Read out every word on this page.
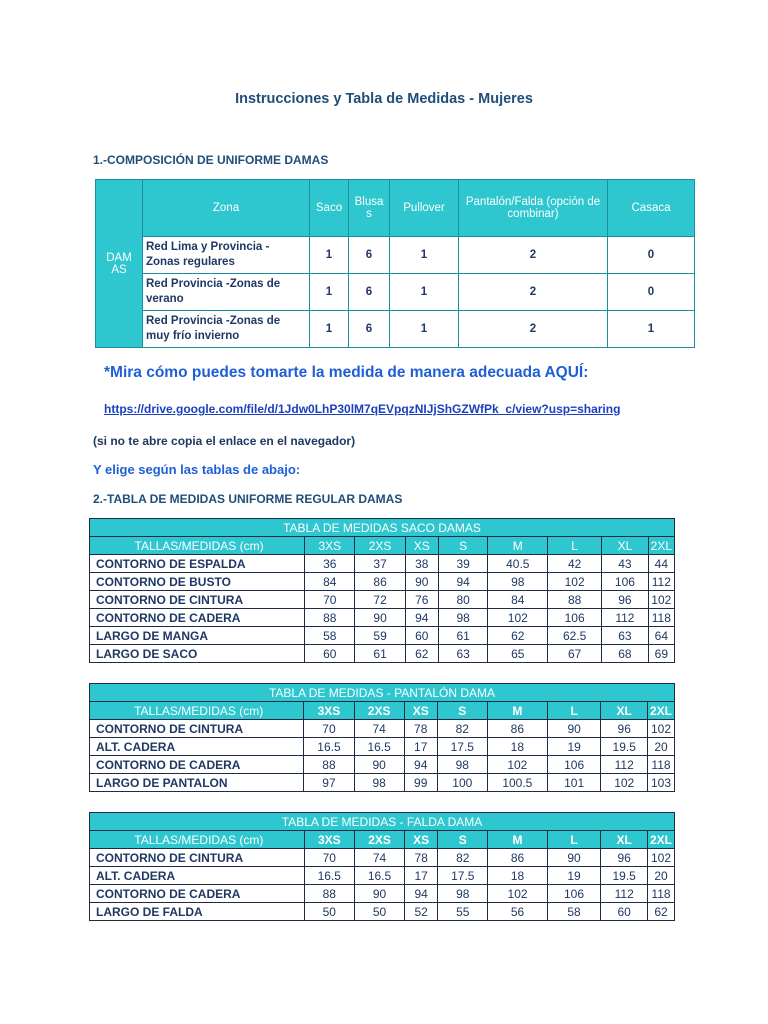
Instrucciones y Tabla de Medidas - Mujeres
1.-COMPOSICIÓN DE UNIFORME DAMAS
DAM AS	Zona	Saco	Blusa s	Pullover	Pantalón/Falda (opción de combinar)	Casaca
	Red Lima y Provincia - Zonas regulares	1	6	1	2	0
	Red Provincia -Zonas de verano	1	6	1	2	0
	Red Provincia -Zonas de muy frío invierno	1	6	1	2	1
*Mira cómo puedes tomarte la medida de manera adecuada AQUÍ:
https://drive.google.com/file/d/1Jdw0LhP30lM7qEVpqzNIJjShGZWfPk_c/view?usp=sharing
(si no te abre copia el enlace en el navegador)
Y elige según las tablas de abajo:
2.-TABLA DE MEDIDAS UNIFORME REGULAR DAMAS
TABLA DE MEDIDAS SACO DAMAS								
TALLAS/MEDIDAS (cm)	3XS	2XS	XS	S	M	L	XL	2XL
CONTORNO DE ESPALDA	36	37	38	39	40.5	42	43	44
CONTORNO DE BUSTO	84	86	90	94	98	102	106	112
CONTORNO DE CINTURA	70	72	76	80	84	88	96	102
CONTORNO DE CADERA	88	90	94	98	102	106	112	118
LARGO DE MANGA	58	59	60	61	62	62.5	63	64
LARGO DE SACO	60	61	62	63	65	67	68	69
TABLA DE MEDIDAS - PANTALÓN DAMA								
TALLAS/MEDIDAS (cm)	3XS	2XS	XS	S	M	L	XL	2XL
CONTORNO DE CINTURA	70	74	78	82	86	90	96	102
ALT. CADERA	16.5	16.5	17	17.5	18	19	19.5	20
CONTORNO DE CADERA	88	90	94	98	102	106	112	118
LARGO DE PANTALON	97	98	99	100	100.5	101	102	103
TABLA DE MEDIDAS - FALDA DAMA								
TALLAS/MEDIDAS (cm)	3XS	2XS	XS	S	M	L	XL	2XL
CONTORNO DE CINTURA	70	74	78	82	86	90	96	102
ALT. CADERA	16.5	16.5	17	17.5	18	19	19.5	20
CONTORNO DE CADERA	88	90	94	98	102	106	112	118
LARGO DE FALDA	50	50	52	55	56	58	60	62
